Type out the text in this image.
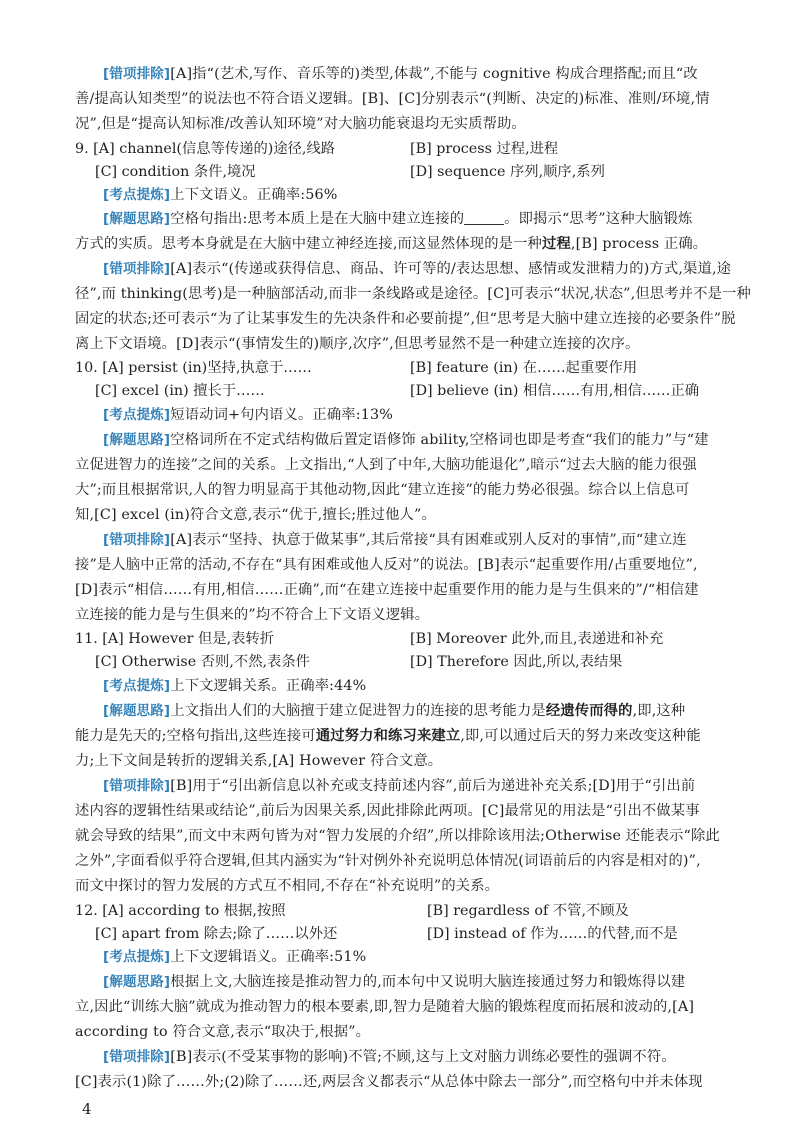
[错项排除][A]指“(艺术,写作、音乐等的)类型,体裁”,不能与 cognitive 构成合理搭配;而且“改
善/提高认知类型”的说法也不符合语义逻辑。[B]、[C]分别表示“(判断、决定的)标准、准则/环境,情
况”,但是“提高认知标准/改善认知环境”对大脑功能衰退均无实质帮助。
9. [A] channel(信息等传递的)途径,线路	[B] process 过程,进程
[C] condition 条件,境况	[D] sequence 序列,顺序,系列
[考点提炼]上下文语义。正确率:56%
[解题思路]空格句指出:思考本质上是在大脑中建立连接的	。即揭示“思考”这种大脑锻炼
方式的实质。思考本身就是在大脑中建立神经连接,而这显然体现的是一种过程,[B] process 正确。
[错项排除][A]表示“(传递或获得信息、商品、许可等的/表达思想、感情或发泄精力的)方式,渠道,途
径”,而 thinking(思考)是一种脑部活动,而非一条线路或是途径。[C]可表示“状况,状态”,但思考并不是一种
固定的状态;还可表示“为了让某事发生的先决条件和必要前提”,但“思考是大脑中建立连接的必要条件”脱
离上下文语境。[D]表示“(事情发生的)顺序,次序”,但思考显然不是一种建立连接的次序。
10. [A] persist (in)坚持,执意于……	[B] feature (in) 在……起重要作用
[C] excel (in) 擅长于……	[D] believe (in) 相信……有用,相信……正确
[考点提炼]短语动词+句内语义。正确率:13%
[解题思路]空格词所在不定式结构做后置定语修饰 ability,空格词也即是考查“我们的能力”与“建
立促进智力的连接”之间的关系。上文指出,“人到了中年,大脑功能退化”,暗示“过去大脑的能力很强
大”;而且根据常识,人的智力明显高于其他动物,因此“建立连接”的能力势必很强。综合以上信息可
知,[C] excel (in)符合文意,表示“优于,擅长;胜过他人”。
[错项排除][A]表示“坚持、执意于做某事”,其后常接“具有困难或别人反对的事情”,而“建立连
接”是人脑中正常的活动,不存在“具有困难或他人反对”的说法。[B]表示“起重要作用/占重要地位”,
[D]表示“相信……有用,相信……正确”,而“在建立连接中起重要作用的能力是与生俱来的”/“相信建
立连接的能力是与生俱来的”均不符合上下文语义逻辑。
11. [A] However 但是,表转折	[B] Moreover 此外,而且,表递进和补充
[C] Otherwise 否则,不然,表条件	[D] Therefore 因此,所以,表结果
[考点提炼]上下文逻辑关系。正确率:44%
[解题思路]上文指出人们的大脑擅于建立促进智力的连接的思考能力是经遗传而得的,即,这种
能力是先天的;空格句指出,这些连接可通过努力和练习来建立,即,可以通过后天的努力来改变这种能
力;上下文间是转折的逻辑关系,[A] However 符合文意。
[错项排除][B]用于“引出新信息以补充或支持前述内容”,前后为递进补充关系;[D]用于“引出前
述内容的逻辑性结果或结论”,前后为因果关系,因此排除此两项。[C]最常见的用法是“引出不做某事
就会导致的结果”,而文中末两句皆为对“智力发展的介绍”,所以排除该用法;Otherwise 还能表示“除此
之外”,字面看似乎符合逻辑,但其内涵实为“针对例外补充说明总体情况(词语前后的内容是相对的)”,
而文中探讨的智力发展的方式互不相同,不存在“补充说明”的关系。
12. [A] according to 根据,按照	[B] regardless of 不管,不顾及
[C] apart from 除去;除了……以外还	[D] instead of 作为……的代替,而不是
[考点提炼]上下文逻辑语义。正确率:51%
[解题思路]根据上文,大脑连接是推动智力的,而本句中又说明大脑连接通过努力和锻炼得以建
立,因此“训练大脑”就成为推动智力的根本要素,即,智力是随着大脑的锻炼程度而拓展和波动的,[A]
according to 符合文意,表示“取决于,根据”。
[错项排除][B]表示(不受某事物的影响)不管;不顾,这与上文对脑力训练必要性的强调不符。
[C]表示(1)除了……外;(2)除了……还,两层含义都表示“从总体中除去一部分”,而空格句中并未体现
4
